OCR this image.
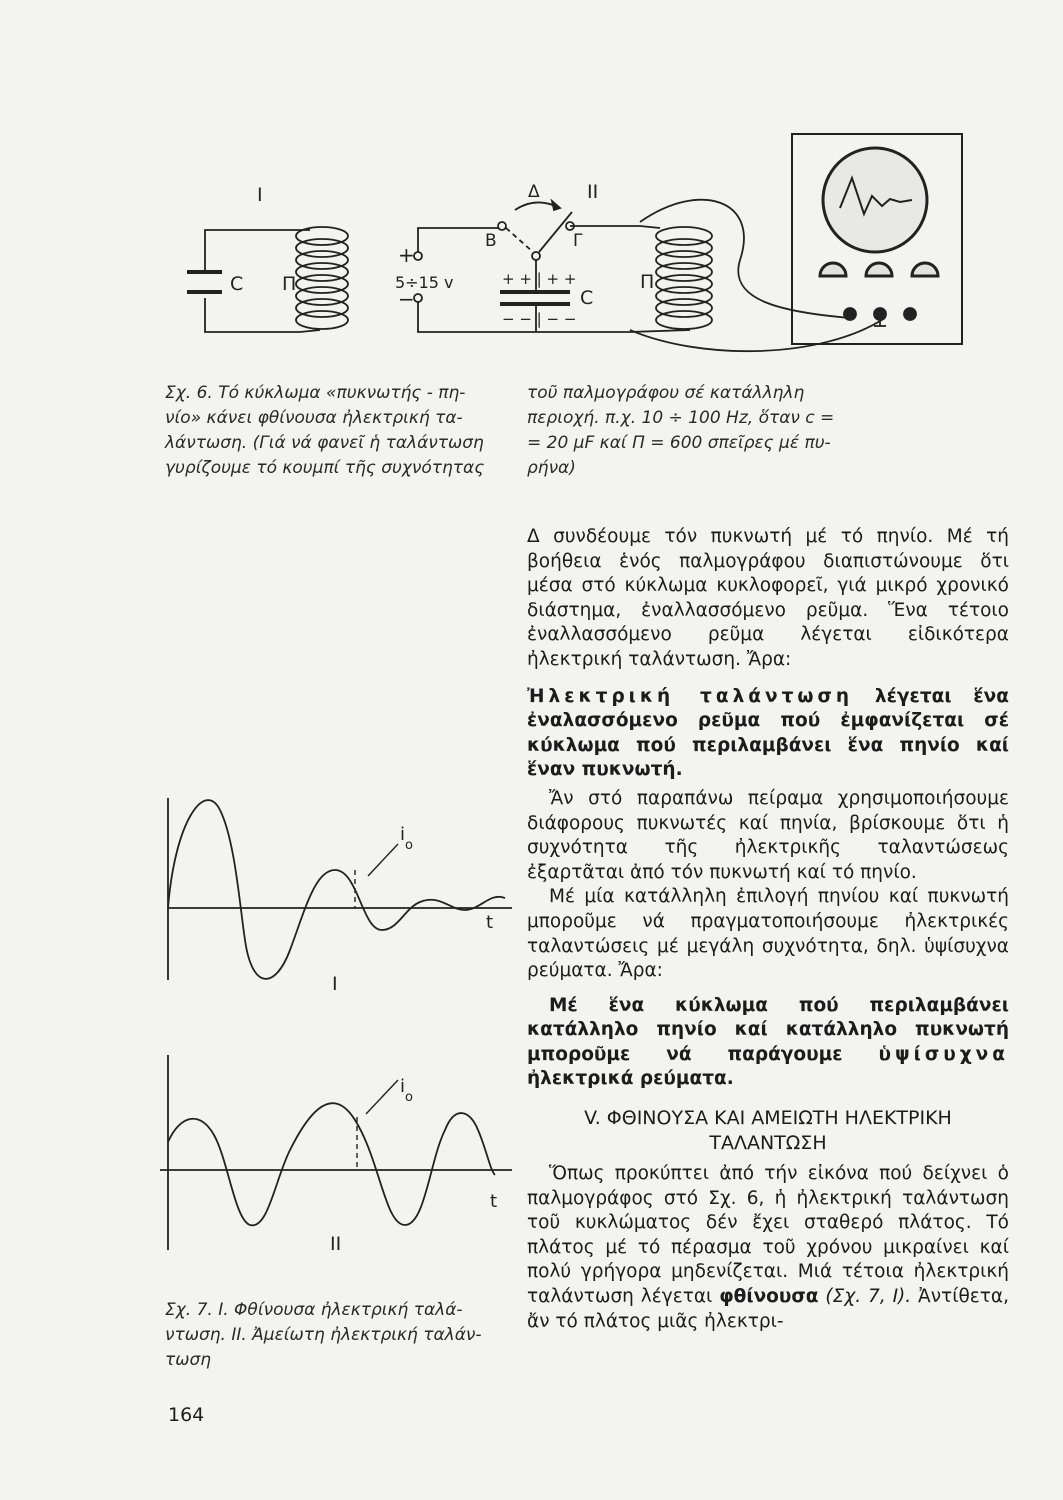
I	II
C Π
+
−
5÷15 v
Δ
Β	Γ
+ + | + +
− − | − −
C
Π
Σχ. 6. Τό κύκλωμα «πυκνωτής - πη-
νίο» κάνει φθίνουσα ἠλεκτρική τα-
λάντωση. (Γιά νά φανεῖ ἡ ταλάντωση
γυρίζουμε τό κουμπί τῆς συχνότητας
τοῦ παλμογράφου σέ κατάλληλη
περιοχή. π.χ. 10 ÷ 100 Hz, ὅταν c =
= 20 μF καί Π = 600 σπεῖρες μέ πυ-
ρήνα)
$i_o$
t
I
$i_o$
t
II
Σχ. 7. I. Φθίνουσα ἠλεκτρική ταλά-
ντωση. II. Ἀμείωτη ἠλεκτρική ταλάν-
τωση
164

Δ συνδέουμε τόν πυκνωτή μέ τό πηνίο. Μέ τή βοήθεια ἑνός παλμογράφου διαπιστώνουμε ὅτι μέσα στό κύκλωμα κυκλοφορεῖ, γιά μικρό χρονικό διάστημα, ἐναλλασσόμενο ρεῦμα. Ἕνα τέτοιο ἐναλλασσόμενο ρεῦμα λέγεται εἰδικότερα ἠλεκτρική ταλάντωση. Ἄρα:

Ἠλεκτρική ταλάντωση λέγεται ἕνα ἐναλασσόμενο ρεῦμα πού ἐμφανίζεται σέ κύκλωμα πού περιλαμβάνει ἕνα πηνίο καί ἕναν πυκνωτή.

Ἄν στό παραπάνω πείραμα χρησιμοποιήσουμε διάφορους πυκνωτές καί πηνία, βρίσκουμε ὅτι ἡ συχνότητα τῆς ἠλεκτρικῆς ταλαντώσεως ἐξαρτᾶται ἀπό τόν πυκνωτή καί τό πηνίο.

Μέ μία κατάλληλη ἐπιλογή πηνίου καί πυκνωτή μποροῦμε νά πραγματοποιήσουμε ἠλεκτρικές ταλαντώσεις μέ μεγάλη συχνότητα, δηλ. ὑψίσυχνα ρεύματα. Ἄρα:

Μέ ἕνα κύκλωμα πού περιλαμβάνει κατάλληλο πηνίο καί κατάλληλο πυκνωτή μποροῦμε νά παράγουμε ὑψίσυχνα ἠλεκτρικά ρεύματα.

V. ΦΘΙΝΟΥΣΑ ΚΑΙ ΑΜΕΙΩΤΗ ΗΛΕΚΤΡΙΚΗ
ΤΑΛΑΝΤΩΣΗ

Ὅπως προκύπτει ἀπό τήν εἰκόνα πού δείχνει ὁ παλμογράφος στό Σχ. 6, ἡ ἠλεκτρική ταλάντωση τοῦ κυκλώματος δέν ἔχει σταθερό πλάτος. Τό πλάτος μέ τό πέρασμα τοῦ χρόνου μικραίνει καί πολύ γρήγορα μηδενίζεται. Μιά τέτοια ἠλεκτρική ταλάντωση λέγεται φθίνουσα (Σχ. 7, I). Ἀντίθετα, ἄν τό πλάτος μιᾶς ἠλεκτρι-
